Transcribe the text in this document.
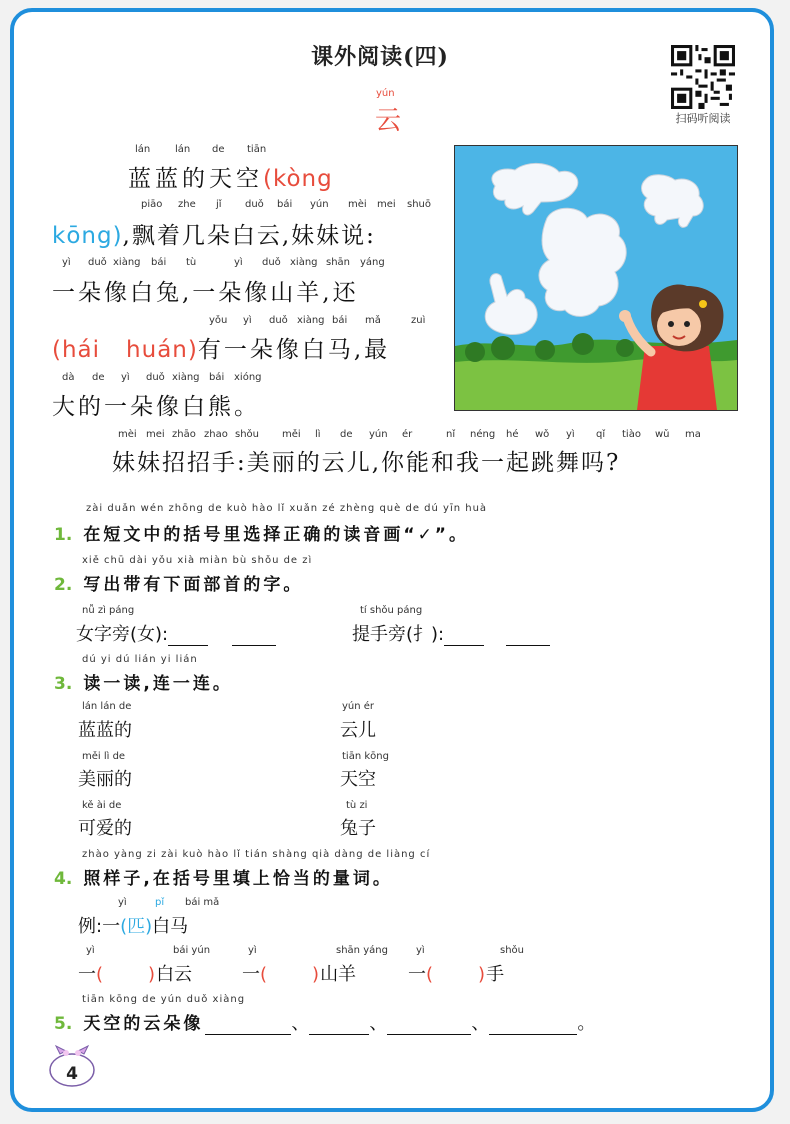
课外阅读(四)
扫码听阅读
yún
云
lán lán de tiān
蓝蓝的天空(kòng
piāo zhe jǐ duǒ bái yún mèi mei shuō
kōng),飘着几朵白云,妹妹说:
yì duǒ xiàng bái tù	yì duǒ xiàng shān yáng
一朵像白兔,一朵像山羊,还
yǒu yì duǒ xiàng bái mǎ	zuì
(hái huán)有一朵像白马,最
dà de yì duǒ xiàng bái xióng
大的一朵像白熊。
mèi mei zhāo zhao shǒu měi lì de yún ér	nǐ néng hé wǒ yì qǐ tiào wǔ ma
妹妹招招手:美丽的云儿,你能和我一起跳舞吗?
zài duǎn wén zhōng de kuò hào lǐ xuǎn zé zhèng què de dú yīn huà
1. 在短文中的括号里选择正确的读音画“✓”。
xiě chū dài yǒu xià miàn bù shǒu de zì
2. 写出带有下面部首的字。
nǚ zì páng
女字旁(女):
tí shǒu páng
提手旁(扌):
dú yi dú lián yi lián
3. 读一读,连一连。
lán lán de
蓝蓝的
yún ér
云儿
měi lì de
美丽的
tiān kōng
天空
kě ài de
可爱的
tù zi
兔子
zhào yàng zi zài kuò hào lǐ tián shàng qià dàng de liàng cí
4. 照样子,在括号里填上恰当的量词。
yì	pǐ bái mǎ
例:一(匹)白马
yì	bái yún	yì	shān yáng	yì	shǒu
一( )白云	一( )山羊	一( )手
tiān kōng de yún duǒ xiàng
5. 天空的云朵像	、	、	、	。
4
